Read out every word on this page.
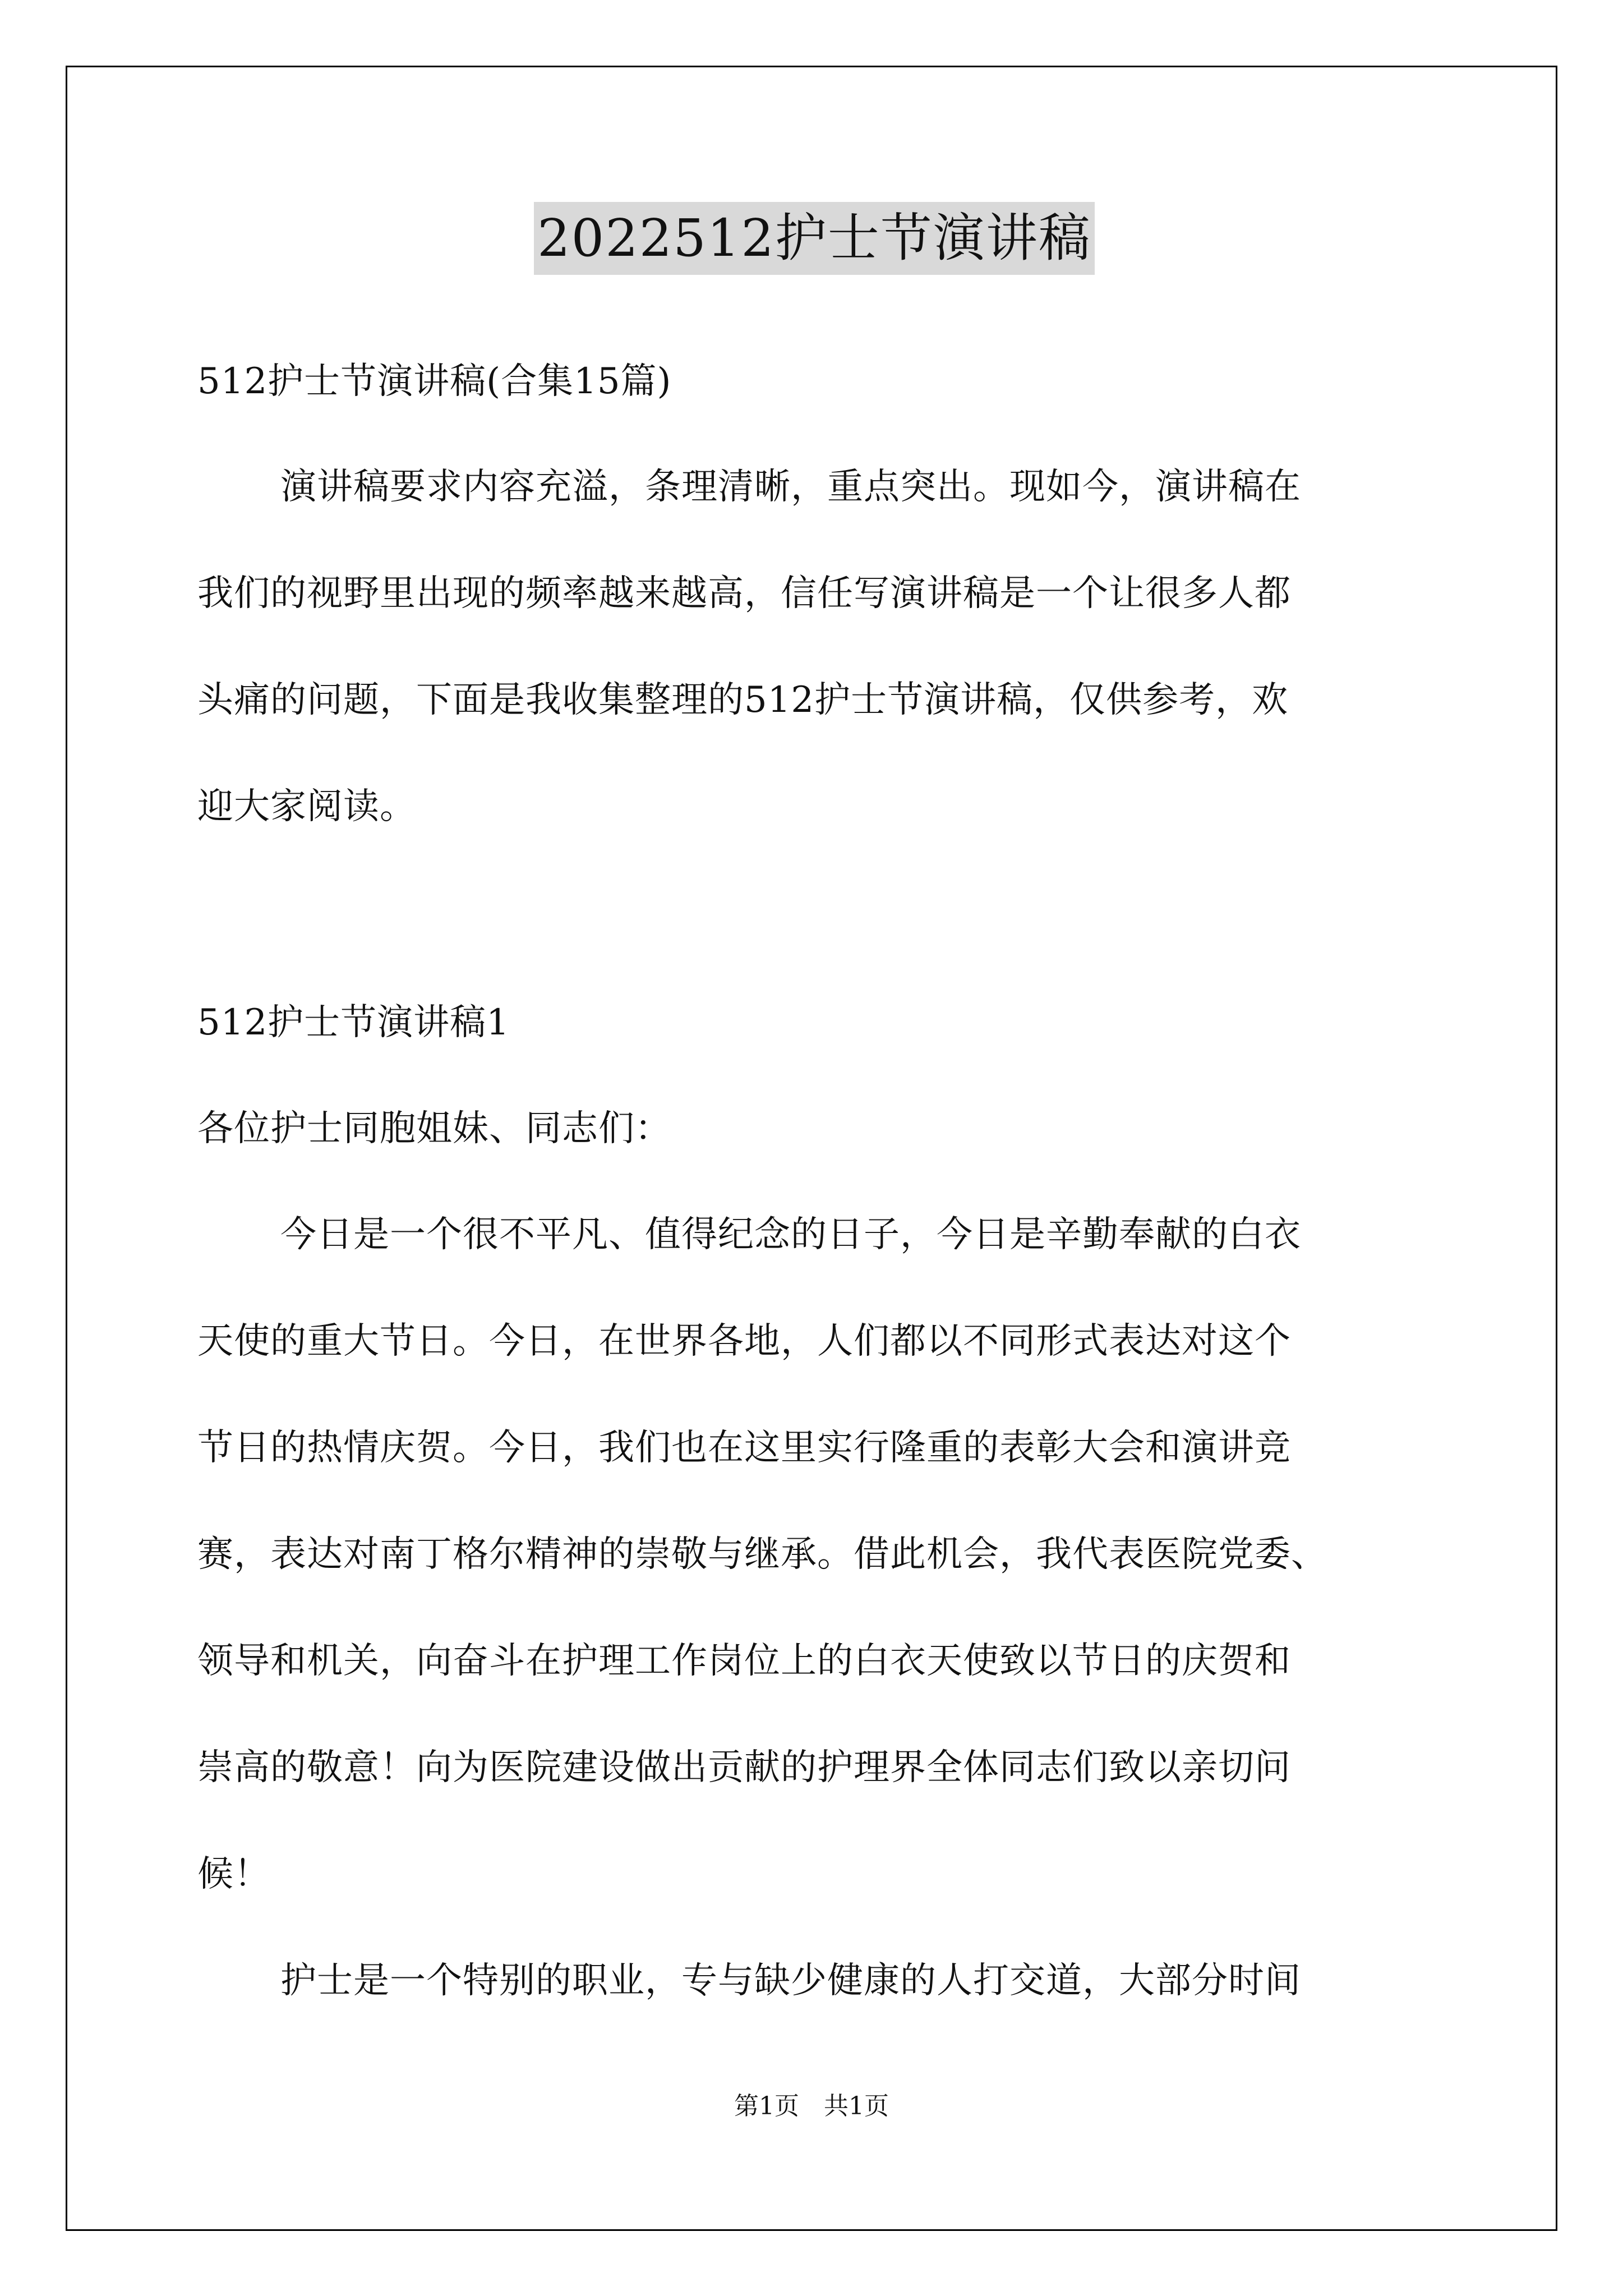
2022512护士节演讲稿
512护士节演讲稿(合集15篇)
演讲稿要求内容充溢，条理清晰，重点突出。现如今，演讲稿在
我们的视野里出现的频率越来越高，信任写演讲稿是一个让很多人都
头痛的问题，下面是我收集整理的512护士节演讲稿，仅供参考，欢
迎大家阅读。
512护士节演讲稿1
各位护士同胞姐妹、同志们：
今日是一个很不平凡、值得纪念的日子，今日是辛勤奉献的白衣
天使的重大节日。今日，在世界各地，人们都以不同形式表达对这个
节日的热情庆贺。今日，我们也在这里实行隆重的表彰大会和演讲竞
赛，表达对南丁格尔精神的崇敬与继承。借此机会，我代表医院党委、
领导和机关，向奋斗在护理工作岗位上的白衣天使致以节日的庆贺和
崇高的敬意！向为医院建设做出贡献的护理界全体同志们致以亲切问
候！
护士是一个特别的职业，专与缺少健康的人打交道，大部分时间
第1页　共1页
